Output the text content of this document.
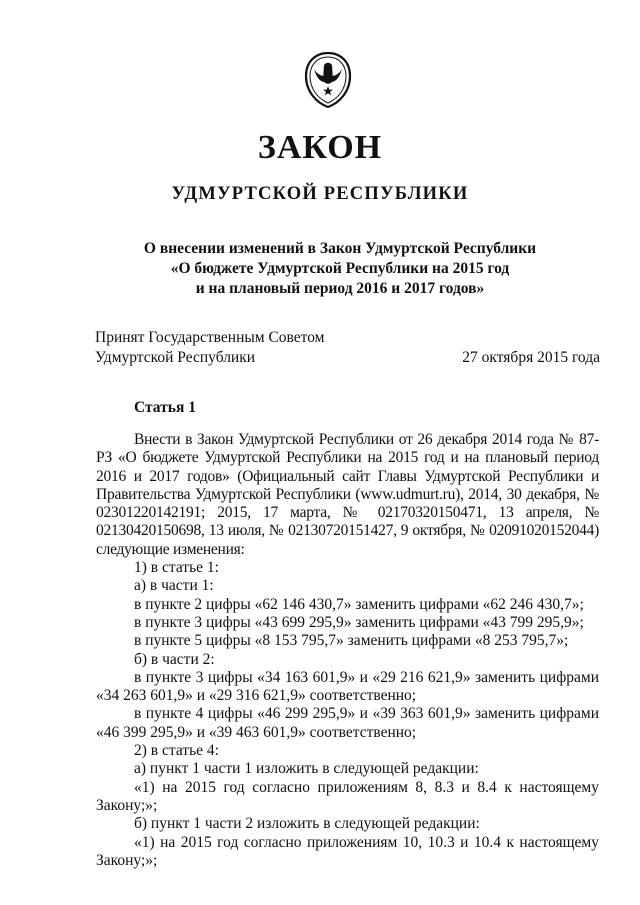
ЗАКОН
УДМУРТСКОЙ РЕСПУБЛИКИ
О внесении изменений в Закон Удмуртской Республики
«О бюджете Удмуртской Республики на 2015 год
и на плановый период 2016 и 2017 годов»
Принят Государственным Советом
Удмуртской Республики	27 октября 2015 года
Статья 1

Внести в Закон Удмуртской Республики от 26 декабря 2014 года № 87-РЗ «О бюджете Удмуртской Республики на 2015 год и на плановый период 2016 и 2017 годов» (Официальный сайт Главы Удмуртской Республики и Правительства Удмуртской Республики (www.udmurt.ru), 2014, 30 декабря, № 02301220142191; 2015, 17 марта, № 02170320150471, 13 апреля, № 02130420150698, 13 июля, № 02130720151427, 9 октября, № 02091020152044) следующие изменения:

1) в статье 1:

а) в части 1:

в пункте 2 цифры «62 146 430,7» заменить цифрами «62 246 430,7»;

в пункте 3 цифры «43 699 295,9» заменить цифрами «43 799 295,9»;

в пункте 5 цифры «8 153 795,7» заменить цифрами «8 253 795,7»;

б) в части 2:

в пункте 3 цифры «34 163 601,9» и «29 216 621,9» заменить цифрами «34 263 601,9» и «29 316 621,9» соответственно;

в пункте 4 цифры «46 299 295,9» и «39 363 601,9» заменить цифрами «46 399 295,9» и «39 463 601,9» соответственно;

2) в статье 4:

а) пункт 1 части 1 изложить в следующей редакции:

«1) на 2015 год согласно приложениям 8, 8.3 и 8.4 к настоящему Закону;»;

б) пункт 1 части 2 изложить в следующей редакции:

«1) на 2015 год согласно приложениям 10, 10.3 и 10.4 к настоящему Закону;»;
